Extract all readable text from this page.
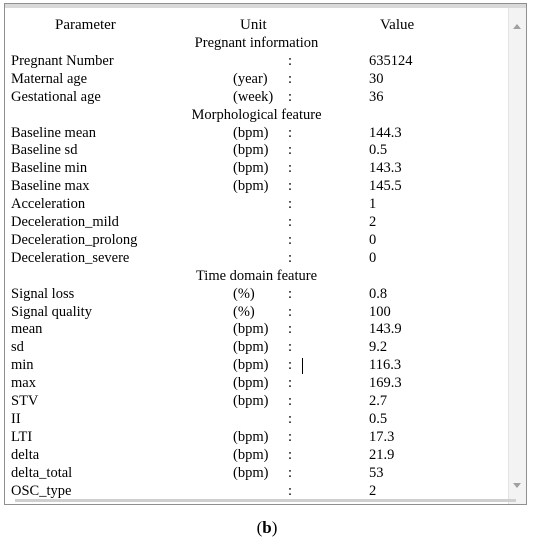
Parameter	Unit	Value
Pregnant information
Pregnant Number	:	635124
Maternal age	(year) :	30
Gestational age	(week) :	36
Morphological feature
Baseline mean	(bpm) :	144.3
Baseline sd	(bpm) :	0.5
Baseline min	(bpm) :	143.3
Baseline max	(bpm) :	145.5
Acceleration	:	1
Deceleration_mild	:	2
Deceleration_prolong	:	0
Deceleration_severe	:	0
Time domain feature
Signal loss	(%) :	0.8
Signal quality	(%) :	100
mean	(bpm) :	143.9
sd	(bpm) :	9.2
min	(bpm) :	116.3
max	(bpm) :	169.3
STV	(bpm) :	2.7
II	:	0.5
LTI	(bpm) :	17.3
delta	(bpm) :	21.9
delta_total	(bpm) :	53
OSC_type	:	2
(b)
